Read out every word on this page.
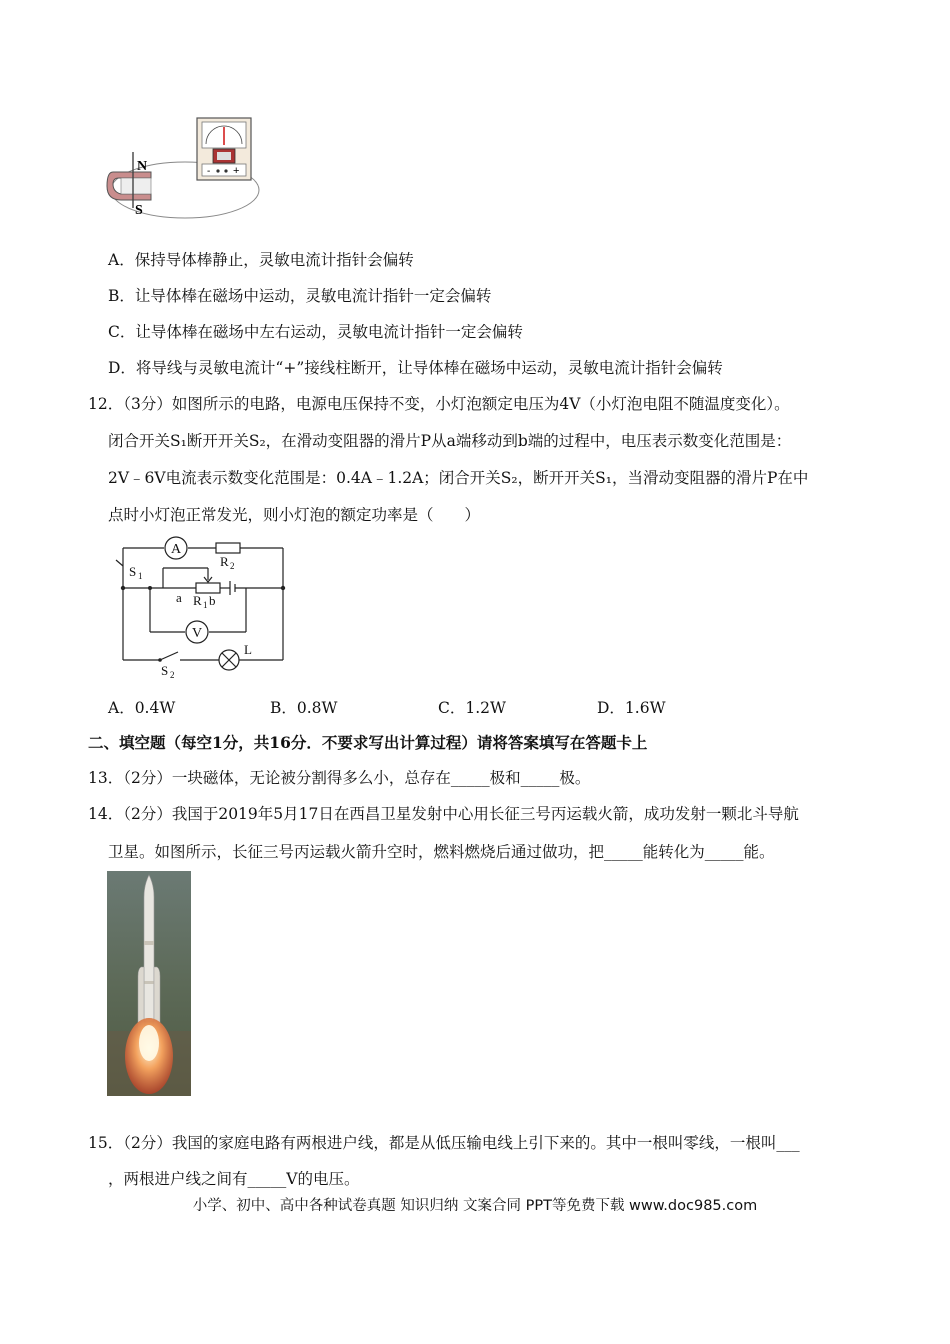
- +
N
S
A．保持导体棒静止，灵敏电流计指针会偏转
B．让导体棒在磁场中运动，灵敏电流计指针一定会偏转
C．让导体棒在磁场中左右运动，灵敏电流计指针一定会偏转
D．将导线与灵敏电流计“+”接线柱断开，让导体棒在磁场中运动，灵敏电流计指针会偏转
12．（3分）如图所示的电路，电源电压保持不变，小灯泡额定电压为4V（小灯泡电阻不随温度变化）。
闭合开关S₁断开开关S₂，在滑动变阻器的滑片P从a端移动到b端的过程中，电压表示数变化范围是：
2V﹣6V电流表示数变化范围是：0.4A﹣1.2A；闭合开关S₂，断开开关S₁，当滑动变阻器的滑片P在中
点时小灯泡正常发光，则小灯泡的额定功率是（　　）
A
R 2
S 1
a R 1 b
V
S 2
L
A．0.4W	B．0.8W	C．1.2W	D．1.6W
二、填空题（每空1分，共16分．不要求写出计算过程）请将答案填写在答题卡上
13．（2分）一块磁体，无论被分割得多么小，总存在_____极和_____极。
14．（2分）我国于2019年5月17日在西昌卫星发射中心用长征三号丙运载火箭，成功发射一颗北斗导航
卫星。如图所示，长征三号丙运载火箭升空时，燃料燃烧后通过做功，把_____能转化为_____能。
15．（2分）我国的家庭电路有两根进户线，都是从低压输电线上引下来的。其中一根叫零线，一根叫___
，两根进户线之间有_____V的电压。
小学、初中、高中各种试卷真题 知识归纳 文案合同 PPT等免费下载 www.doc985.com
